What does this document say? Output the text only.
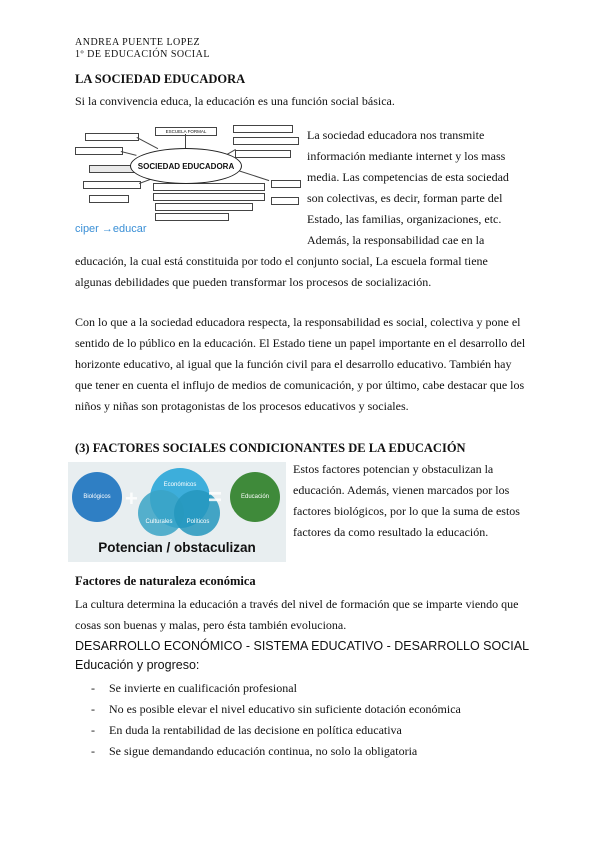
ANDREA PUENTE LOPEZ
1º DE EDUCACIÓN SOCIAL
LA SOCIEDAD EDUCADORA
Si la convivencia educa, la educación es una función social básica.
ESCUELA FORMAL
SOCIEDAD EDUCADORA
ciper →educar
La sociedad educadora nos transmite
información mediante internet y los mass
media. Las competencias de esta sociedad
son colectivas, es decir, forman parte del
Estado, las familias, organizaciones, etc.
Además, la responsabilidad cae en la
educación, la cual está constituida por todo el conjunto social, La escuela formal tiene
algunas debilidades que pueden transformar los procesos de socialización.
Con lo que a la sociedad educadora respecta, la responsabilidad es social, colectiva y pone el
sentido de lo público en la educación. El Estado tiene un papel importante en el desarrollo del
horizonte educativo, al igual que la función civil para el desarrollo educativo. También hay
que tener en cuenta el influjo de medios de comunicación, y por último, cabe destacar que los
niños y niñas son protagonistas de los procesos educativos y sociales.
(3) FACTORES SOCIALES CONDICIONANTES DE LA EDUCACIÓN
+	=
Biológicos
Económicos
Culturales	Políticos
Educación
Potencian / obstaculizan
Estos factores potencian y obstaculizan la
educación. Además, vienen marcados por los
factores biológicos, por lo que la suma de estos
factores da como resultado la educación.
Factores de naturaleza económica
La cultura determina la educación a través del nivel de formación que se imparte viendo que
cosas son buenas y malas, pero ésta también evoluciona.
DESARROLLO ECONÓMICO - SISTEMA EDUCATIVO - DESARROLLO SOCIAL
Educación y progreso:
- Se invierte en cualificación profesional
- No es posible elevar el nivel educativo sin suficiente dotación económica
- En duda la rentabilidad de las decisione en política educativa
- Se sigue demandando educación continua, no solo la obligatoria
